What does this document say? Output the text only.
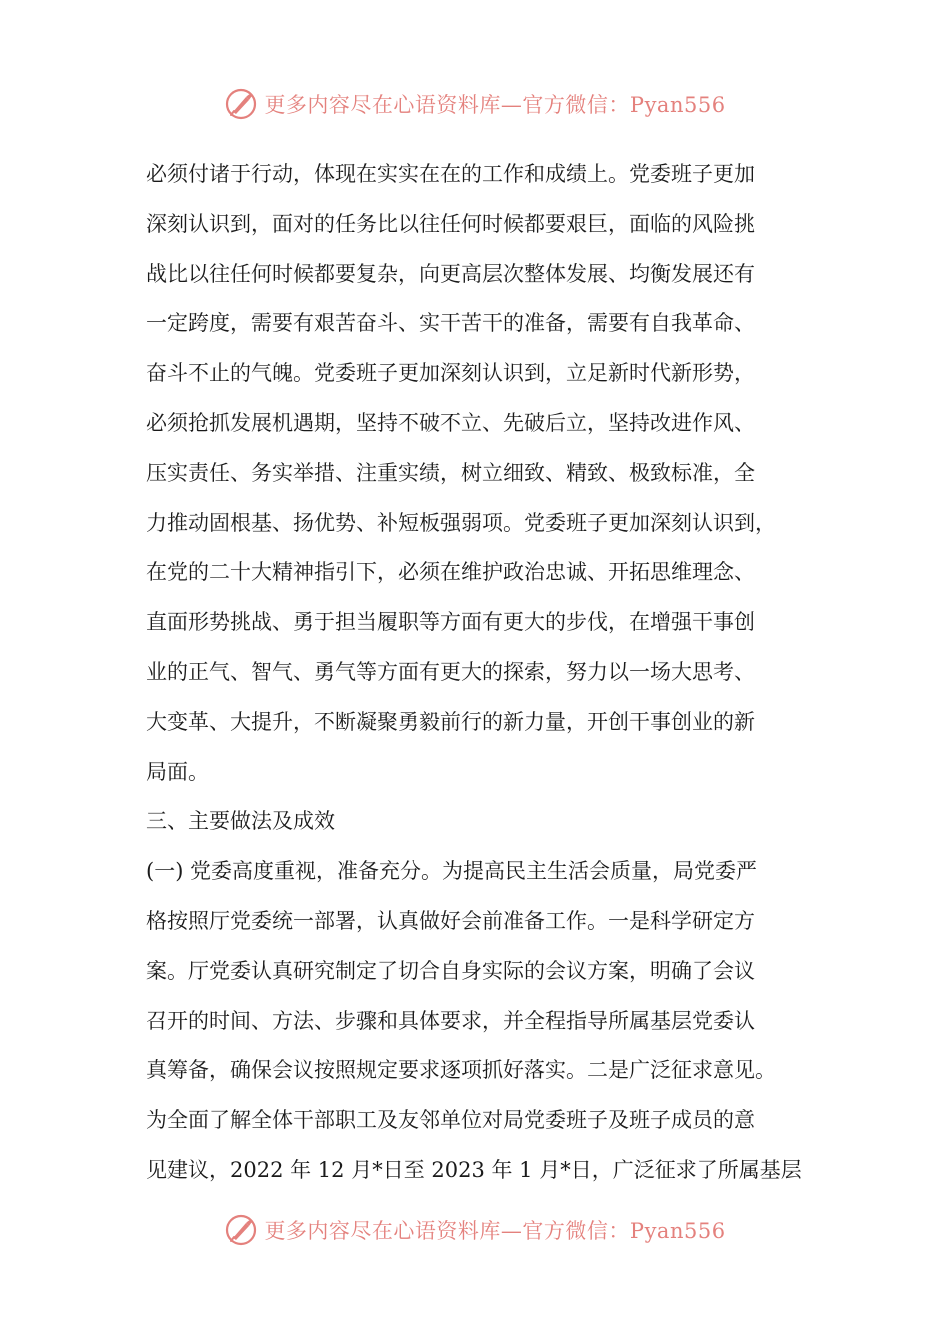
更多内容尽在心语资料库—官方微信：Pyan556
必须付诸于行动，体现在实实在在的工作和成绩上。党委班子更加
深刻认识到，面对的任务比以往任何时候都要艰巨，面临的风险挑
战比以往任何时候都要复杂，向更高层次整体发展、均衡发展还有
一定跨度，需要有艰苦奋斗、实干苦干的准备，需要有自我革命、
奋斗不止的气魄。党委班子更加深刻认识到，立足新时代新形势，
必须抢抓发展机遇期，坚持不破不立、先破后立，坚持改进作风、
压实责任、务实举措、注重实绩，树立细致、精致、极致标准，全
力推动固根基、扬优势、补短板强弱项。党委班子更加深刻认识到，
在党的二十大精神指引下，必须在维护政治忠诚、开拓思维理念、
直面形势挑战、勇于担当履职等方面有更大的步伐，在增强干事创
业的正气、智气、勇气等方面有更大的探索，努力以一场大思考、
大变革、大提升，不断凝聚勇毅前行的新力量，开创干事创业的新
局面。
三、主要做法及成效
(一) 党委高度重视，准备充分。为提高民主生活会质量，局党委严
格按照厅党委统一部署，认真做好会前准备工作。一是科学研定方
案。厅党委认真研究制定了切合自身实际的会议方案，明确了会议
召开的时间、方法、步骤和具体要求，并全程指导所属基层党委认
真筹备，确保会议按照规定要求逐项抓好落实。二是广泛征求意见。
为全面了解全体干部职工及友邻单位对局党委班子及班子成员的意
见建议，2022 年 12 月*日至 2023 年 1 月*日，广泛征求了所属基层
更多内容尽在心语资料库—官方微信：Pyan556
